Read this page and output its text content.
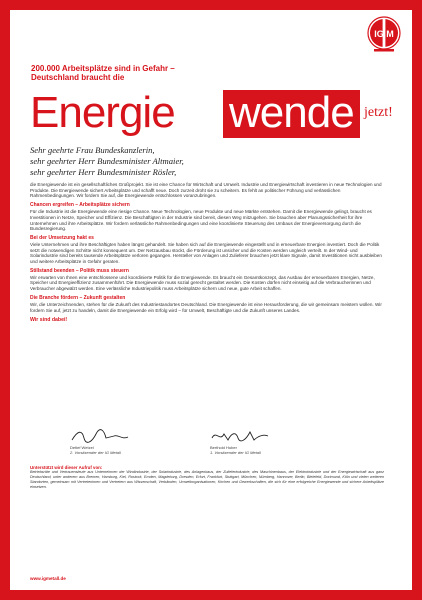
IG M

200.000 Arbeitsplätze sind in Gefahr –

Deutschland braucht die

Energie wende jetzt!

Sehr geehrte Frau Bundeskanzlerin,

sehr geehrter Herr Bundesminister Altmaier,

sehr geehrter Herr Bundesminister Rösler,

die Energiewende ist ein gesellschaftliches Großprojekt. Sie ist eine Chance für Wirtschaft und Umwelt. Industrie und Energiewirtschaft investieren in neue Technologien und Produkte. Die Energiewende sichert Arbeitsplätze und schafft neue. Doch zurzeit droht sie zu scheitern. Es fehlt an politischer Führung und verlässlichen Rahmenbedingungen. Wir fordern Sie auf, die Energiewende entschlossen voranzubringen.

Chancen ergreifen – Arbeitsplätze sichern

Für die Industrie ist die Energiewende eine riesige Chance. Neue Technologien, neue Produkte und neue Märkte entstehen. Damit die Energiewende gelingt, braucht es Investitionen in Netze, Speicher und Effizienz. Die Beschäftigten in der Industrie sind bereit, diesen Weg mitzugehen. Sie brauchen aber Planungssicherheit für ihre Unternehmen und ihre Arbeitsplätze. Wir fordern verlässliche Rahmenbedingungen und eine koordinierte Steuerung des Umbaus der Energieversorgung durch die Bundesregierung.

Bei der Umsetzung hakt es

Viele Unternehmen und ihre Beschäftigten haben längst gehandelt. Sie haben sich auf die Energiewende eingestellt und in erneuerbare Energien investiert. Doch die Politik setzt die notwendigen Schritte nicht konsequent um. Der Netzausbau stockt, die Förderung ist unsicher und die Kosten werden ungleich verteilt. In der Wind- und Solarindustrie sind bereits tausende Arbeitsplätze verloren gegangen. Hersteller von Anlagen und Zulieferer brauchen jetzt klare Signale, damit Investitionen nicht ausbleiben und weitere Arbeitsplätze in Gefahr geraten.

Stillstand beenden – Politik muss steuern

Wir erwarten von Ihnen eine entschlossene und koordinierte Politik für die Energiewende. Es braucht ein Gesamtkonzept, das Ausbau der erneuerbaren Energien, Netze, Speicher und Energieeffizienz zusammenführt. Die Energiewende muss sozial gerecht gestaltet werden. Die Kosten dürfen nicht einseitig auf die Verbraucherinnen und Verbraucher abgewälzt werden. Eine verlässliche Industriepolitik muss Arbeitsplätze sichern und neue, gute Arbeit schaffen.

Die Branche fördern – Zukunft gestalten

Wir, die Unterzeichnenden, stehen für die Zukunft des Industriestandortes Deutschland. Die Energiewende ist eine Herausforderung, die wir gemeinsam meistern wollen. Wir fordern Sie auf, jetzt zu handeln, damit die Energiewende ein Erfolg wird – für Umwelt, Beschäftigte und die Zukunft unseres Landes.

Wir sind dabei!
Detlef Wetzel
2. Vorsitzender der IG Metall
Berthold Huber
1. Vorsitzender der IG Metall
Unterstützt wird dieser Aufruf von:
Betriebsräte und Vertrauensleute aus Unternehmen der Windindustrie, der Solarindustrie, des Anlagenbaus, der Zulieferindustrie, des Maschinenbaus, der Elektroindustrie und der Energiewirtschaft aus ganz Deutschland, unter anderem aus Bremen, Hamburg, Kiel, Rostock, Emden, Magdeburg, Dresden, Erfurt, Frankfurt, Stuttgart, München, Nürnberg, Hannover, Berlin, Bielefeld, Dortmund, Köln und vielen weiteren Standorten, gemeinsam mit Vertreterinnen und Vertretern aus Wissenschaft, Verbänden, Umweltorganisationen, Kirchen und Gewerkschaften, die sich für eine erfolgreiche Energiewende und sichere Arbeitsplätze einsetzen.
www.igmetall.de
